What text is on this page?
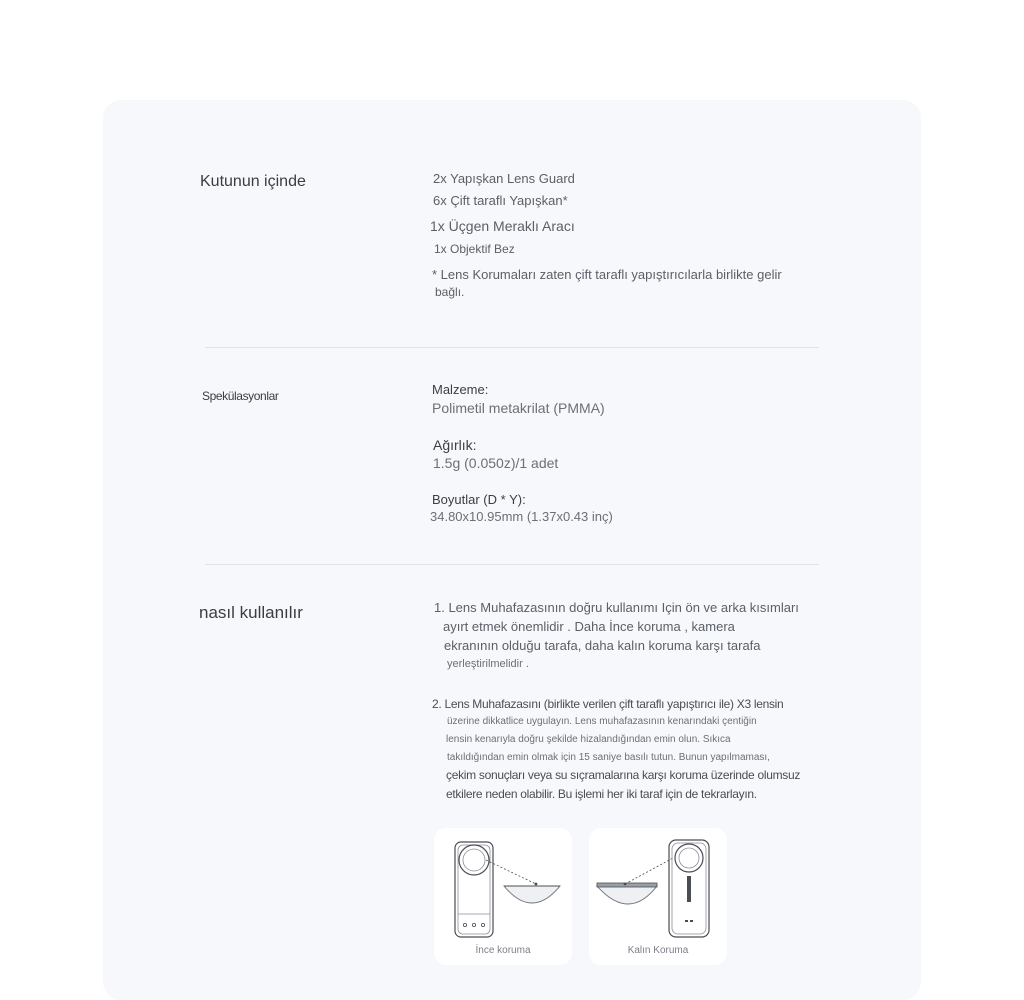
Kutunun içinde	2x Yapışkan Lens Guard
6x Çift taraflı Yapışkan*
1x Üçgen Meraklı Aracı
1x Objektif Bez
* Lens Korumaları zaten çift taraflı yapıştırıcılarla birlikte gelir
bağlı.
Spekülasyonlar	Malzeme:
Polimetil metakrilat (PMMA)
Ağırlık:
1.5g (0.050z)/1 adet
Boyutlar (D * Y):
34.80x10.95mm (1.37x0.43 inç)
nasıl kullanılır	1. Lens Muhafazasının doğru kullanımı Için ön ve arka kısımları
ayırt etmek önemlidir . Daha İnce koruma , kamera
ekranının olduğu tarafa, daha kalın koruma karşı tarafa
yerleştirilmelidir .
2. Lens Muhafazasını (birlikte verilen çift taraflı yapıştırıcı ile) X3 lensin
üzerine dikkatlice uygulayın. Lens muhafazasının kenarındaki çentiğin
lensin kenarıyla doğru şekilde hizalandığından emin olun. Sıkıca
takıldığından emin olmak için 15 saniye basılı tutun. Bunun yapılmaması,
çekim sonuçları veya su sıçramalarına karşı koruma üzerinde olumsuz
etkilere neden olabilir. Bu işlemi her iki taraf için de tekrarlayın.
İnce koruma	Kalın Koruma
